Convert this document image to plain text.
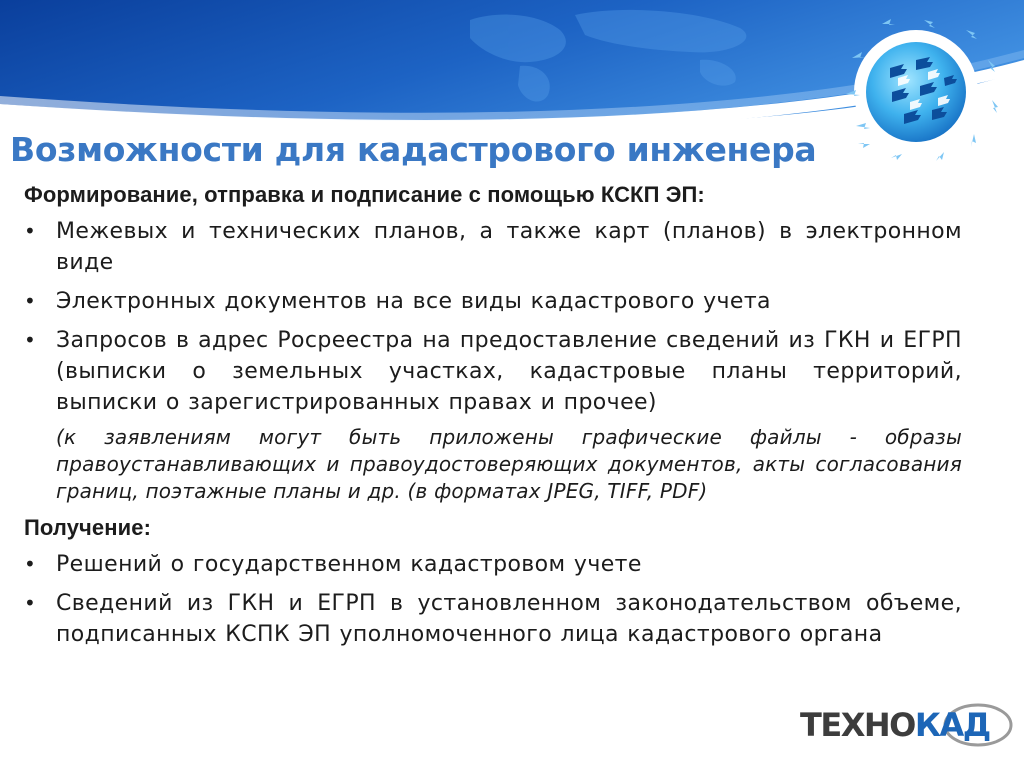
Возможности для кадастрового инженера
Формирование, отправка и подписание с помощью КСКП ЭП:
• Межевых и технических планов, а также карт (планов) в электронном виде
• Электронных документов на все виды кадастрового учета
• Запросов в адрес Росреестра на предоставление сведений из ГКН и ЕГРП (выписки о земельных участках, кадастровые планы территорий, выписки о зарегистрированных правах и прочее)
(к заявлениям могут быть приложены графические файлы - образы правоустанавливающих и правоудостоверяющих документов, акты согласования границ, поэтажные планы и др. (в форматах JPEG, TIFF, PDF)
Получение:
• Решений о государственном кадастровом учете
• Сведений из ГКН и ЕГРП в установленном законодательством объеме, подписанных КСПК ЭП уполномоченного лица кадастрового органа
ТЕХНОКАД
